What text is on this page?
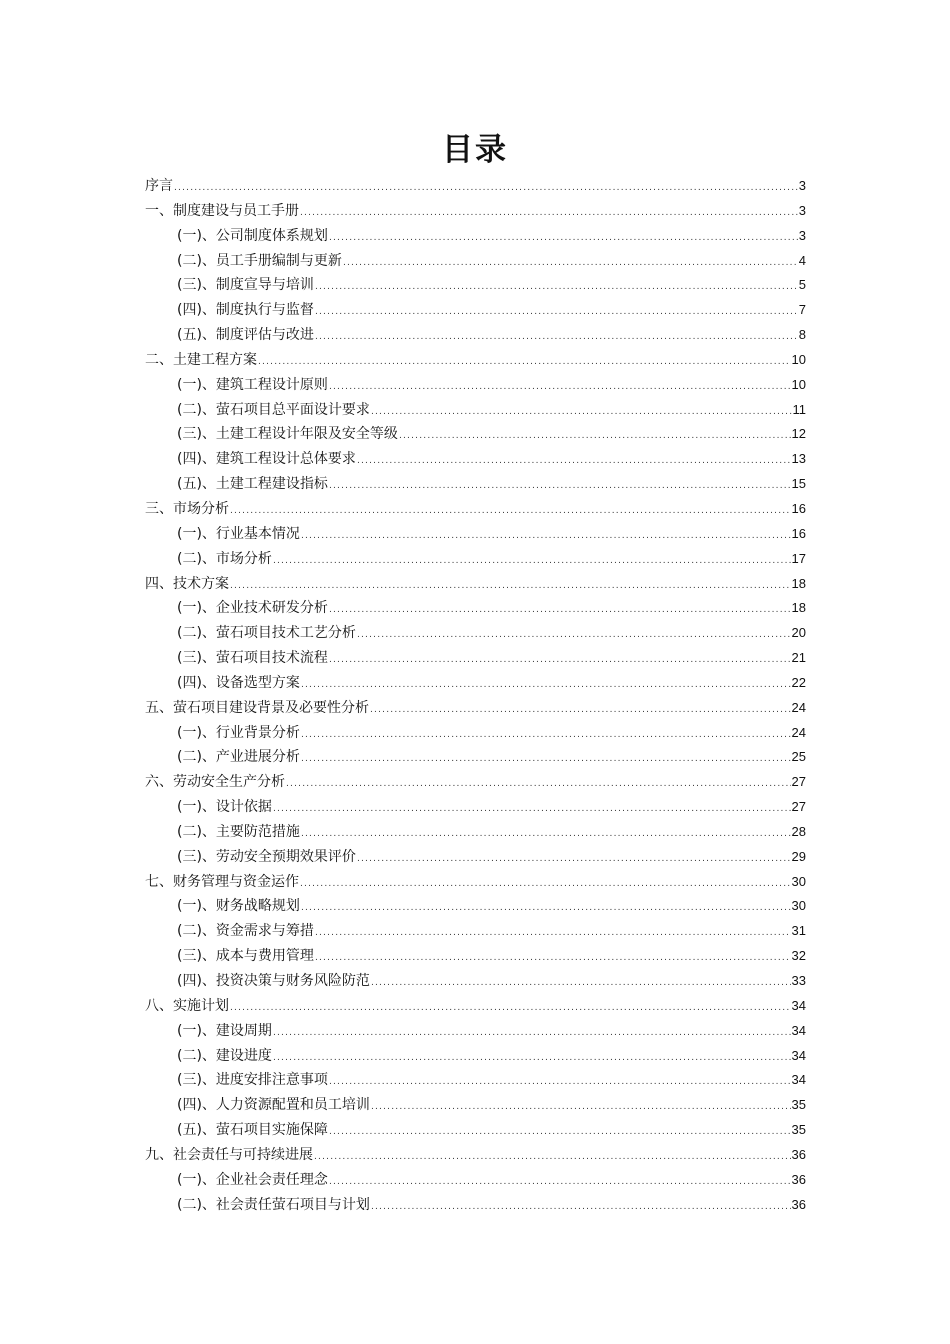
目录
序言 .....	3
一、制度建设与员工手册 .....	3
(一)、公司制度体系规划 .....	3
(二)、员工手册编制与更新 .....	4
(三)、制度宣导与培训 .....	5
(四)、制度执行与监督 .....	7
(五)、制度评估与改进 .....	8
二、土建工程方案 .....	10
(一)、建筑工程设计原则 .....	10
(二)、萤石项目总平面设计要求 .....	11
(三)、土建工程设计年限及安全等级 .....	12
(四)、建筑工程设计总体要求 .....	13
(五)、土建工程建设指标 .....	15
三、市场分析 .....	16
(一)、行业基本情况 .....	16
(二)、市场分析 .....	17
四、技术方案 .....	18
(一)、企业技术研发分析 .....	18
(二)、萤石项目技术工艺分析 .....	20
(三)、萤石项目技术流程 .....	21
(四)、设备选型方案 .....	22
五、萤石项目建设背景及必要性分析 .....	24
(一)、行业背景分析 .....	24
(二)、产业进展分析 .....	25
六、劳动安全生产分析 .....	27
(一)、设计依据 .....	27
(二)、主要防范措施 .....	28
(三)、劳动安全预期效果评价 .....	29
七、财务管理与资金运作 .....	30
(一)、财务战略规划 .....	30
(二)、资金需求与筹措 .....	31
(三)、成本与费用管理 .....	32
(四)、投资决策与财务风险防范 .....	33
八、实施计划 .....	34
(一)、建设周期 .....	34
(二)、建设进度 .....	34
(三)、进度安排注意事项 .....	34
(四)、人力资源配置和员工培训 .....	35
(五)、萤石项目实施保障 .....	35
九、社会责任与可持续进展 .....	36
(一)、企业社会责任理念 .....	36
(二)、社会责任萤石项目与计划 .....	36
